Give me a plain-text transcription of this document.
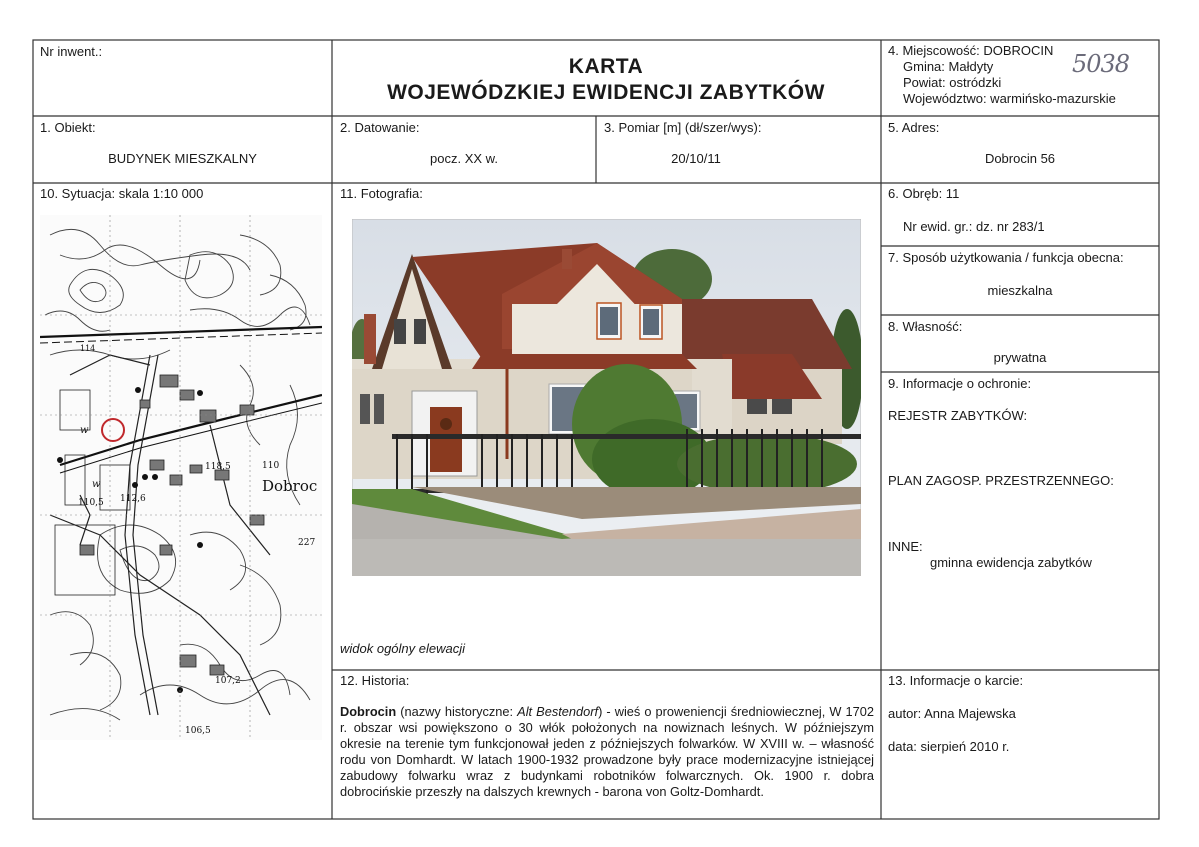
Nr inwent.:
KARTA
WOJEWÓDZKIEJ EWIDENCJI ZABYTKÓW
4. Miejscowość: DOBROCIN
Gmina: Małdyty
Powiat: ostródzki
Województwo: warmińsko-mazurskie
5038
1. Obiekt:
BUDYNEK MIESZKALNY
2. Datowanie:
pocz. XX w.
3. Pomiar [m] (dł/szer/wys):
20/10/11
5. Adres:
Dobrocin 56
10. Sytuacja: skala 1:10 000
w
w	Dobroc
110,5 112,6
114
118,5	110
227
107,2
106,5
11. Fotografia:
widok ogólny elewacji
6. Obręb: 11
Nr ewid. gr.: dz. nr 283/1
7. Sposób użytkowania / funkcja obecna:
mieszkalna
8. Własność:
prywatna
9. Informacje o ochronie:
REJESTR ZABYTKÓW:
PLAN ZAGOSP. PRZESTRZENNEGO:
INNE:
gminna ewidencja zabytków
12. Historia:
Dobrocin (nazwy historyczne: Alt Bestendorf) - wieś o proweniencji średniowiecznej, W 1702 r. obszar wsi powiększono o 30 włók położonych na nowiznach leśnych. W późniejszym okresie na terenie tym funkcjonował jeden z późniejszych folwarków. W XVIII w. – własność rodu von Domhardt. W latach 1900-1932 prowadzone były prace modernizacyjne istniejącej zabudowy folwarku wraz z budynkami robotników folwarcznych. Ok. 1900 r. dobra dobrocińskie przeszły na dalszych krewnych - barona von Goltz-Domhardt.
13. Informacje o karcie:
autor: Anna Majewska
data: sierpień 2010 r.
